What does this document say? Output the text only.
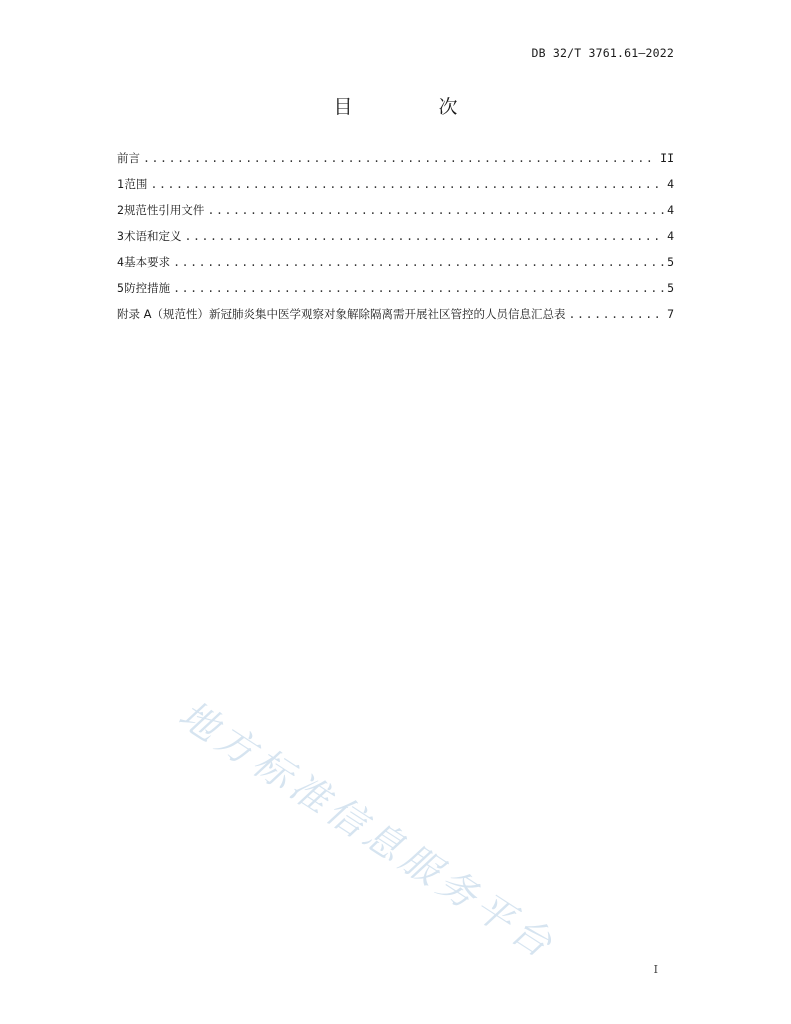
DB 32/T 3761.61—2022
目 次
前言 .....	II
1 范围 .....	4
2 规范性引用文件 .....	4
3 术语和定义 .....	4
4 基本要求 .....	5
5 防控措施 .....	5
附录 A（规范性）新冠肺炎集中医学观察对象解除隔离需开展社区管控的人员信息汇总表 .....	7
地方标准信息服务平台
I
